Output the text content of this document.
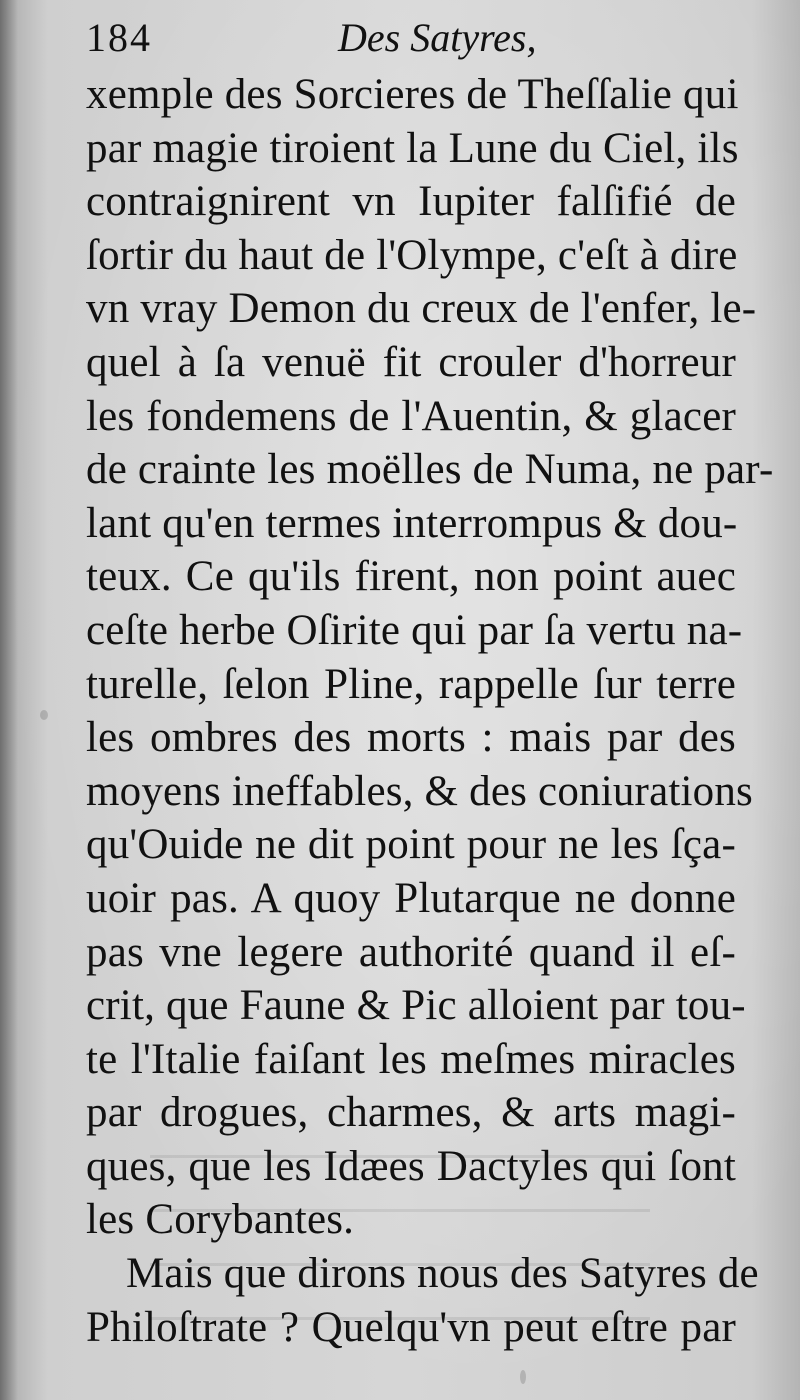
184	Des Satyres,
xemple des Sorcieres de Theſſalie qui
par magie tiroient la Lune du Ciel, ils
contraignirent vn Iupiter falſifié de
ſortir du haut de l'Olympe, c'eſt à dire
vn vray Demon du creux de l'enfer, le-
quel à ſa venuë fit crouler d'horreur
les fondemens de l'Auentin, & glacer
de crainte les moëlles de Numa, ne par-
lant qu'en termes interrompus & dou-
teux. Ce qu'ils firent, non point auec
ceſte herbe Oſirite qui par ſa vertu na-
turelle, ſelon Pline, rappelle ſur terre
les ombres des morts : mais par des
moyens ineffables, & des coniurations
qu'Ouide ne dit point pour ne les ſça-
uoir pas. A quoy Plutarque ne donne
pas vne legere authorité quand il eſ-
crit, que Faune & Pic alloient par tou-
te l'Italie faiſant les meſmes miracles
par drogues, charmes, & arts magi-
ques, que les Idæes Dactyles qui ſont
les Corybantes.
Mais que dirons nous des Satyres de
Philoſtrate ? Quelqu'vn peut eſtre par
